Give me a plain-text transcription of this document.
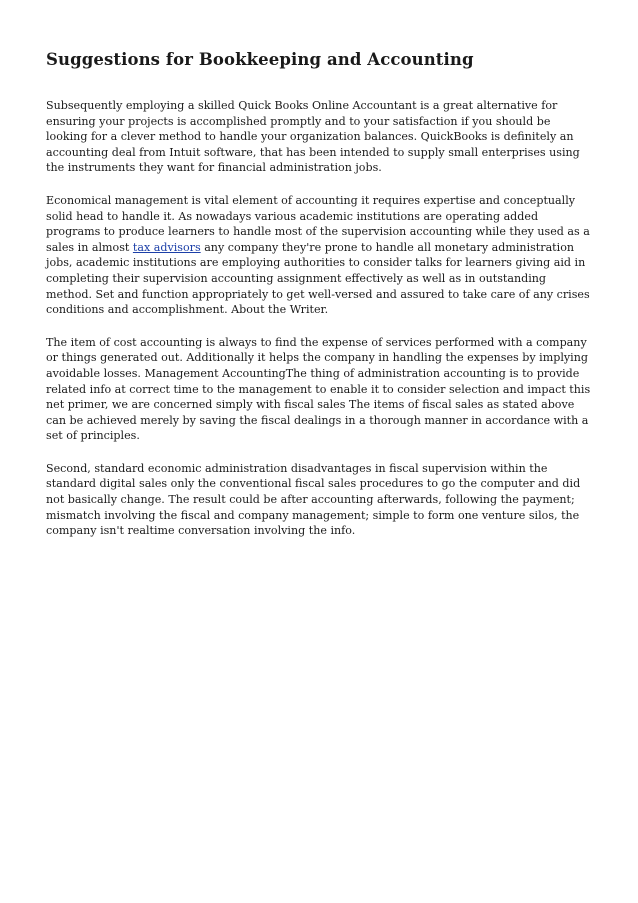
Suggestions for Bookkeeping and Accounting

Subsequently employing a skilled Quick Books Online Accountant is a great alternative for ensuring your projects is accomplished promptly and to your satisfaction if you should be looking for a clever method to handle your organization balances. QuickBooks is definitely an accounting deal from Intuit software, that has been intended to supply small enterprises using the instruments they want for financial administration jobs.

Economical management is vital element of accounting it requires expertise and conceptually solid head to handle it. As nowadays various academic institutions are operating added programs to produce learners to handle most of the supervision accounting while they used as a sales in almost tax advisors any company they're prone to handle all monetary administration jobs, academic institutions are employing authorities to consider talks for learners giving aid in completing their supervision accounting assignment effectively as well as in outstanding method. Set and function appropriately to get well-versed and assured to take care of any crises conditions and accomplishment. About the Writer.

The item of cost accounting is always to find the expense of services performed with a company or things generated out. Additionally it helps the company in handling the expenses by implying avoidable losses. Management AccountingThe thing of administration accounting is to provide related info at correct time to the management to enable it to consider selection and impact this net primer, we are concerned simply with fiscal sales The items of fiscal sales as stated above can be achieved merely by saving the fiscal dealings in a thorough manner in accordance with a set of principles.

Second, standard economic administration disadvantages in fiscal supervision within the standard digital sales only the conventional fiscal sales procedures to go the computer and did not basically change. The result could be after accounting afterwards, following the payment; mismatch involving the fiscal and company management; simple to form one venture silos, the company isn't realtime conversation involving the info.
